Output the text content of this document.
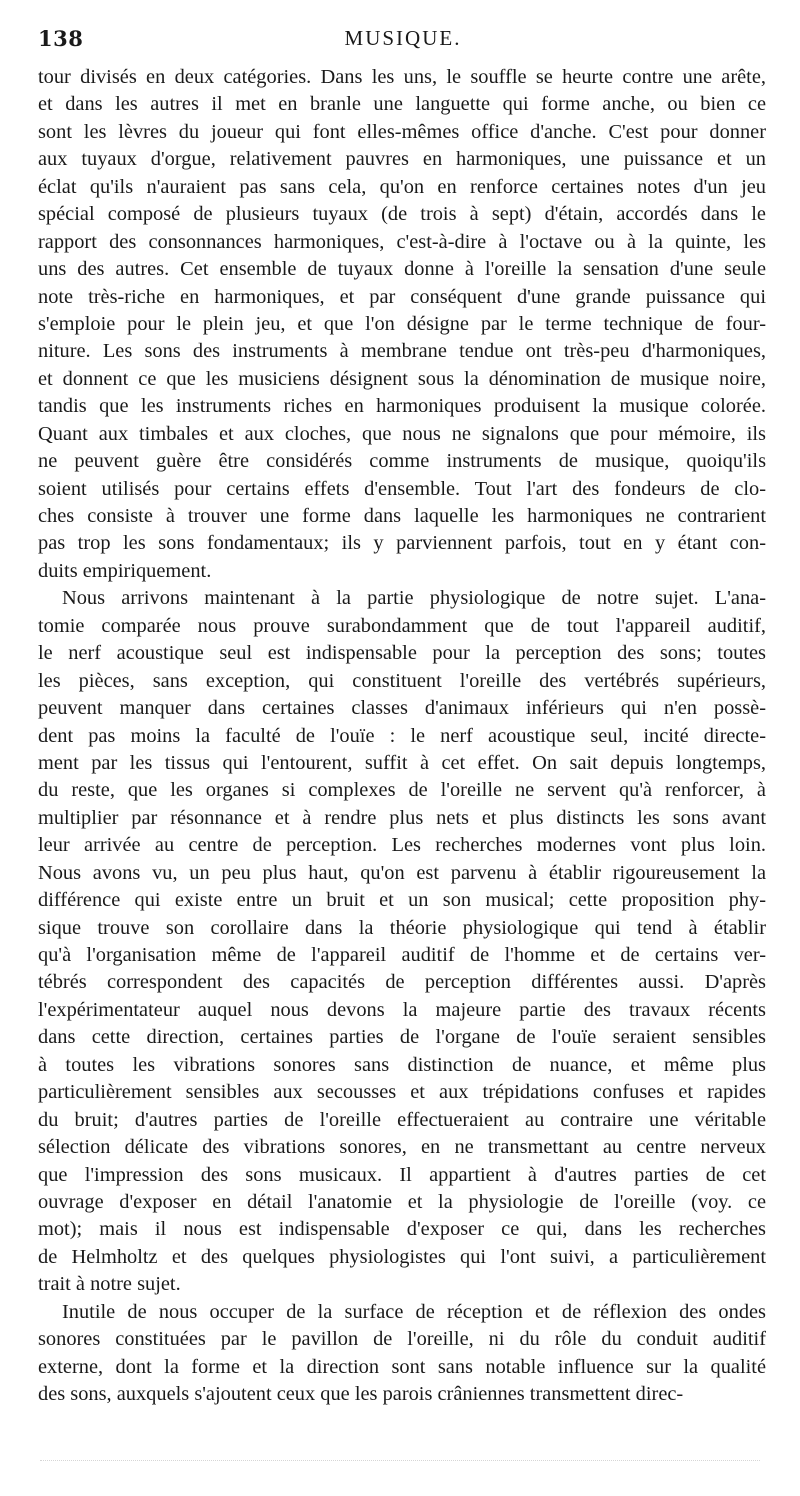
138	MUSIQUE.

tour divisés en deux catégories. Dans les uns, le souffle se heurte contre une arête,
et dans les autres il met en branle une languette qui forme anche, ou bien ce
sont les lèvres du joueur qui font elles-mêmes office d'anche. C'est pour donner
aux tuyaux d'orgue, relativement pauvres en harmoniques, une puissance et un
éclat qu'ils n'auraient pas sans cela, qu'on en renforce certaines notes d'un jeu
spécial composé de plusieurs tuyaux (de trois à sept) d'étain, accordés dans le
rapport des consonnances harmoniques, c'est-à-dire à l'octave ou à la quinte, les
uns des autres. Cet ensemble de tuyaux donne à l'oreille la sensation d'une seule
note très-riche en harmoniques, et par conséquent d'une grande puissance qui
s'emploie pour le plein jeu, et que l'on désigne par le terme technique de four-
niture. Les sons des instruments à membrane tendue ont très-peu d'harmoniques,
et donnent ce que les musiciens désignent sous la dénomination de musique noire,
tandis que les instruments riches en harmoniques produisent la musique colorée.
Quant aux timbales et aux cloches, que nous ne signalons que pour mémoire, ils
ne peuvent guère être considérés comme instruments de musique, quoiqu'ils
soient utilisés pour certains effets d'ensemble. Tout l'art des fondeurs de clo-
ches consiste à trouver une forme dans laquelle les harmoniques ne contrarient
pas trop les sons fondamentaux; ils y parviennent parfois, tout en y étant con-
duits empiriquement.

Nous arrivons maintenant à la partie physiologique de notre sujet. L'ana-
tomie comparée nous prouve surabondamment que de tout l'appareil auditif,
le nerf acoustique seul est indispensable pour la perception des sons; toutes
les pièces, sans exception, qui constituent l'oreille des vertébrés supérieurs,
peuvent manquer dans certaines classes d'animaux inférieurs qui n'en possè-
dent pas moins la faculté de l'ouïe : le nerf acoustique seul, incité directe-
ment par les tissus qui l'entourent, suffit à cet effet. On sait depuis longtemps,
du reste, que les organes si complexes de l'oreille ne servent qu'à renforcer, à
multiplier par résonnance et à rendre plus nets et plus distincts les sons avant
leur arrivée au centre de perception. Les recherches modernes vont plus loin.
Nous avons vu, un peu plus haut, qu'on est parvenu à établir rigoureusement la
différence qui existe entre un bruit et un son musical; cette proposition phy-
sique trouve son corollaire dans la théorie physiologique qui tend à établir
qu'à l'organisation même de l'appareil auditif de l'homme et de certains ver-
tébrés correspondent des capacités de perception différentes aussi. D'après
l'expérimentateur auquel nous devons la majeure partie des travaux récents
dans cette direction, certaines parties de l'organe de l'ouïe seraient sensibles
à toutes les vibrations sonores sans distinction de nuance, et même plus
particulièrement sensibles aux secousses et aux trépidations confuses et rapides
du bruit; d'autres parties de l'oreille effectueraient au contraire une véritable
sélection délicate des vibrations sonores, en ne transmettant au centre nerveux
que l'impression des sons musicaux. Il appartient à d'autres parties de cet
ouvrage d'exposer en détail l'anatomie et la physiologie de l'oreille (voy. ce
mot); mais il nous est indispensable d'exposer ce qui, dans les recherches
de Helmholtz et des quelques physiologistes qui l'ont suivi, a particulièrement
trait à notre sujet.

Inutile de nous occuper de la surface de réception et de réflexion des ondes
sonores constituées par le pavillon de l'oreille, ni du rôle du conduit auditif
externe, dont la forme et la direction sont sans notable influence sur la qualité
des sons, auxquels s'ajoutent ceux que les parois crâniennes transmettent direc-
